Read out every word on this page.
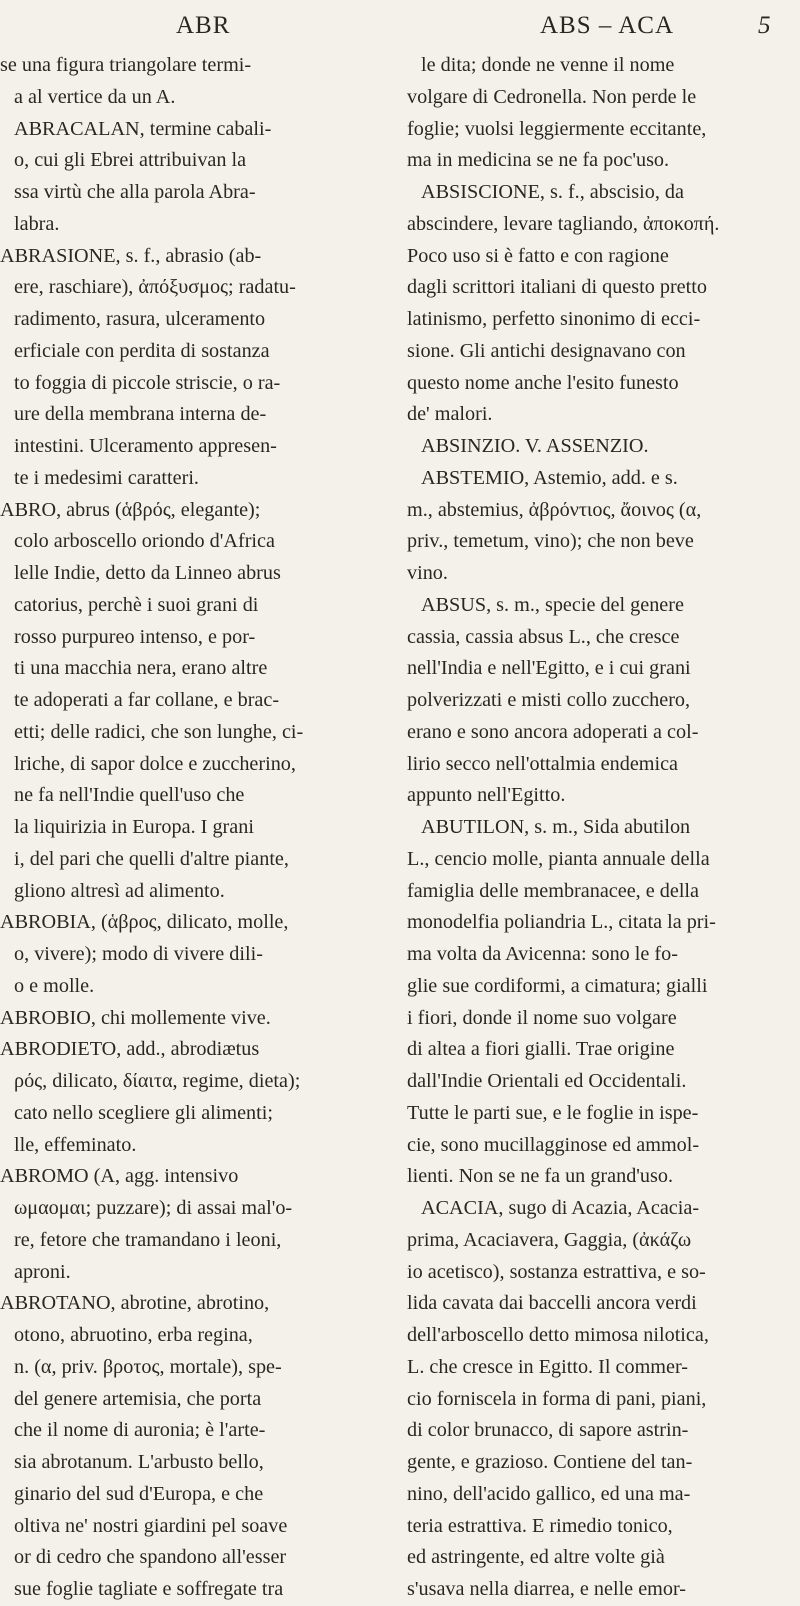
ABR	ABS – ACA	5
se una figura triangolare termi-
a al vertice da un A.
ABRACALAN, termine cabali-
o, cui gli Ebrei attribuivan la
ssa virtù che alla parola Abra-
labra.
ABRASIONE, s. f., abrasio (ab-
ere, raschiare), ἀπόξυσμος; radatu-
radimento, rasura, ulceramento
erficiale con perdita di sostanza
to foggia di piccole striscie, o ra-
ure della membrana interna de-
intestini. Ulceramento appresen-
te i medesimi caratteri.
ABRO, abrus (ἁβρός, elegante);
colo arboscello oriondo d'Africa
lelle Indie, detto da Linneo abrus
catorius, perchè i suoi grani di
rosso purpureo intenso, e por-
ti una macchia nera, erano altre
te adoperati a far collane, e brac-
etti; delle radici, che son lunghe, ci-
lriche, di sapor dolce e zuccherino,
ne fa nell'Indie quell'uso che
la liquirizia in Europa. I grani
i, del pari che quelli d'altre piante,
gliono altresì ad alimento.
ABROBIA, (ἁβρος, dilicato, molle,
ο, vivere); modo di vivere dili-
o e molle.
ABROBIO, chi mollemente vive.
ABRODIETO, add., abrodiætus
ρός, dilicato, δίαιτα, regime, dieta);
cato nello scegliere gli alimenti;
lle, effeminato.
ABROMO (A, agg. intensivo
ωμαομαι; puzzare); di assai mal'o-
re, fetore che tramandano i leoni,
aproni.
ABROTANO, abrotine, abrotino,
otono, abruotino, erba regina,
n. (α, priv. βροτος, mortale), spe-
del genere artemisia, che porta
che il nome di auronia; è l'arte-
sia abrotanum. L'arbusto bello,
ginario del sud d'Europa, e che
oltiva ne' nostri giardini pel soave
or di cedro che spandono all'esser
sue foglie tagliate e soffregate tra
le dita; donde ne venne il nome
volgare di Cedronella. Non perde le
foglie; vuolsi leggiermente eccitante,
ma in medicina se ne fa poc'uso.
ABSISCIONE, s. f., abscisio, da
abscindere, levare tagliando, ἀποκοπή.
Poco uso si è fatto e con ragione
dagli scrittori italiani di questo pretto
latinismo, perfetto sinonimo di ecci-
sione. Gli antichi designavano con
questo nome anche l'esito funesto
de' malori.
ABSINZIO. V. ASSENZIO.
ABSTEMIO, Astemio, add. e s.
m., abstemius, ἀβρόντιος, ἄοινος (α,
priv., temetum, vino); che non beve
vino.
ABSUS, s. m., specie del genere
cassia, cassia absus L., che cresce
nell'India e nell'Egitto, e i cui grani
polverizzati e misti collo zucchero,
erano e sono ancora adoperati a col-
lirio secco nell'ottalmia endemica
appunto nell'Egitto.
ABUTILON, s. m., Sida abutilon
L., cencio molle, pianta annuale della
famiglia delle membranacee, e della
monodelfia poliandria L., citata la pri-
ma volta da Avicenna: sono le fo-
glie sue cordiformi, a cimatura; gialli
i fiori, donde il nome suo volgare
di altea a fiori gialli. Trae origine
dall'Indie Orientali ed Occidentali.
Tutte le parti sue, e le foglie in ispe-
cie, sono mucillagginose ed ammol-
lienti. Non se ne fa un grand'uso.
ACACIA, sugo di Acazia, Acacia-
prima, Acaciavera, Gaggia, (ἀκάζω
io acetisco), sostanza estrattiva, e so-
lida cavata dai baccelli ancora verdi
dell'arboscello detto mimosa nilotica,
L. che cresce in Egitto. Il commer-
cio forniscela in forma di pani, piani,
di color brunacco, di sapore astrin-
gente, e grazioso. Contiene del tan-
nino, dell'acido gallico, ed una ma-
teria estrattiva. E rimedio tonico,
ed astringente, ed altre volte già
s'usava nella diarrea, e nelle emor-
